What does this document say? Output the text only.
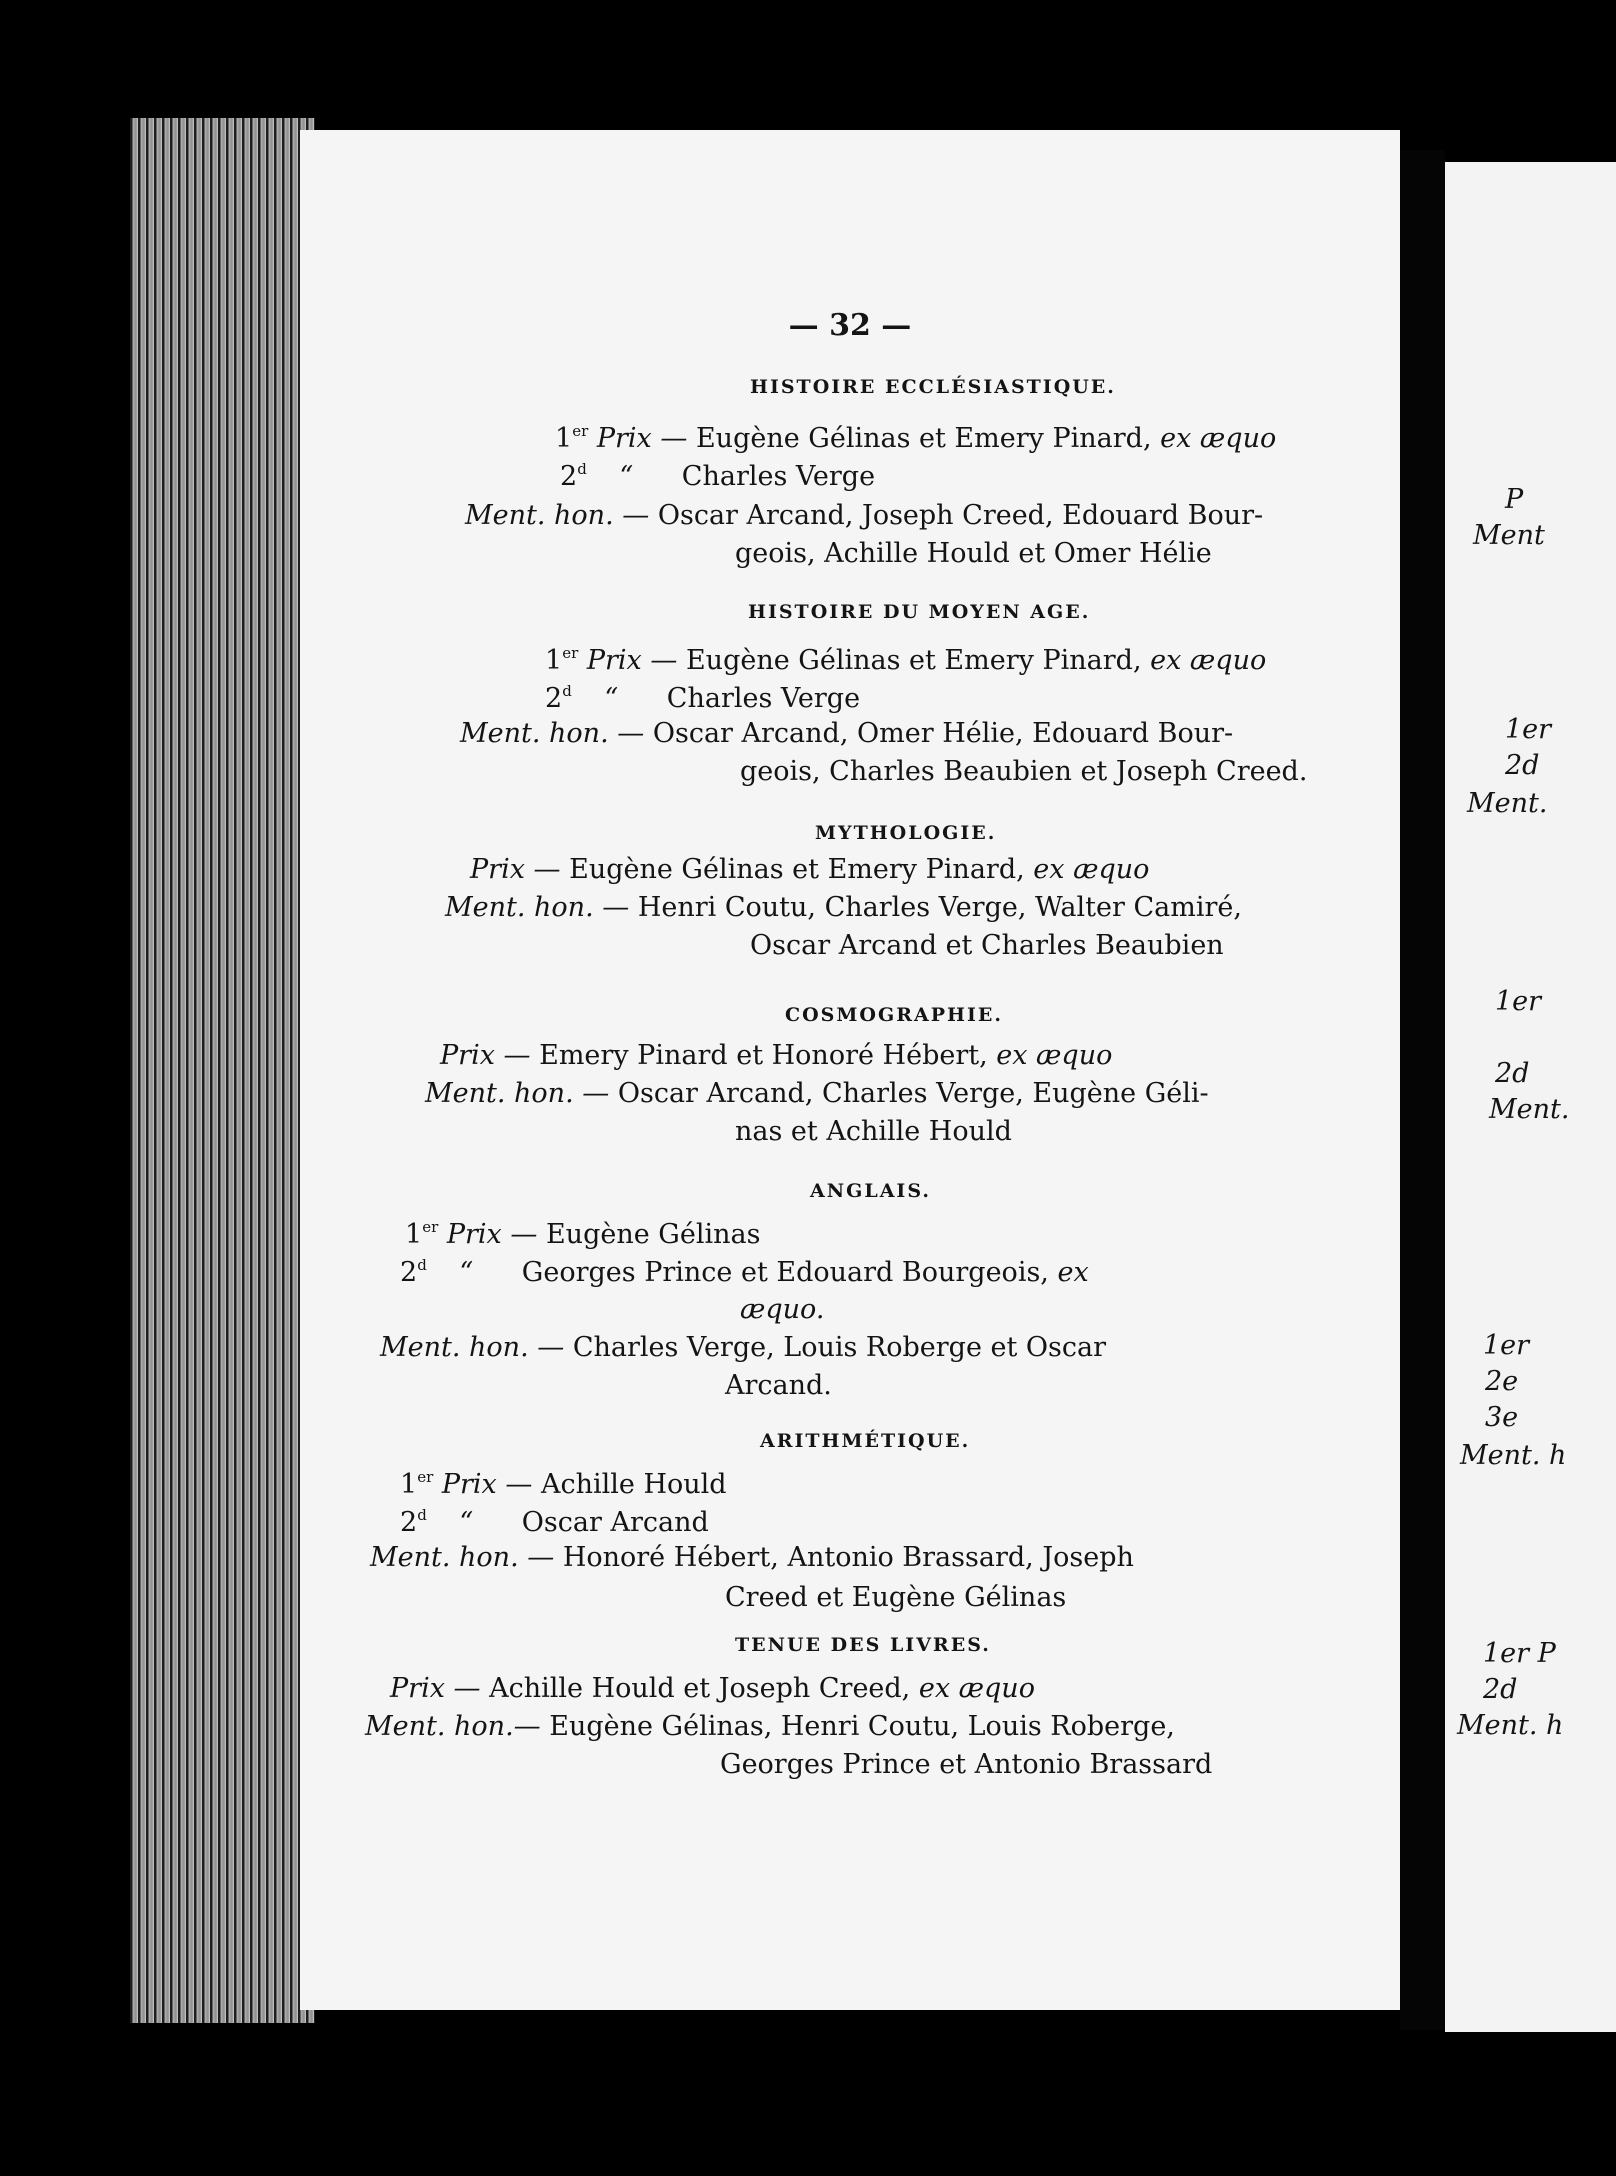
P
Ment
1er
2d
Ment.
1er
2d
Ment.
1er
2e
3e
Ment. h
1er P
2d
Ment. h
— 32 —
HISTOIRE ECCLÉSIASTIQUE.
1er Prix — Eugène Gélinas et Emery Pinard, ex æquo
2$^d$ “ Charles Verge
Ment. hon. — Oscar Arcand, Joseph Creed, Edouard Bour-
geois, Achille Hould et Omer Hélie
HISTOIRE DU MOYEN AGE.
1er Prix — Eugène Gélinas et Emery Pinard, ex æquo
2$^d$ “ Charles Verge
Ment. hon. — Oscar Arcand, Omer Hélie, Edouard Bour-
geois, Charles Beaubien et Joseph Creed.
MYTHOLOGIE.
Prix — Eugène Gélinas et Emery Pinard, ex æquo
Ment. hon. — Henri Coutu, Charles Verge, Walter Camiré,
Oscar Arcand et Charles Beaubien
COSMOGRAPHIE.
Prix — Emery Pinard et Honoré Hébert, ex æquo
Ment. hon. — Oscar Arcand, Charles Verge, Eugène Géli-
nas et Achille Hould
ANGLAIS.
1er Prix — Eugène Gélinas
2$^d$ “ Georges Prince et Edouard Bourgeois, ex
æquo.
Ment. hon. — Charles Verge, Louis Roberge et Oscar
Arcand.
ARITHMÉTIQUE.
1er Prix — Achille Hould
2$^d$ “ Oscar Arcand
Ment. hon. — Honoré Hébert, Antonio Brassard, Joseph
Creed et Eugène Gélinas
TENUE DES LIVRES.
Prix — Achille Hould et Joseph Creed, ex æquo
Ment. hon.— Eugène Gélinas, Henri Coutu, Louis Roberge,
Georges Prince et Antonio Brassard
